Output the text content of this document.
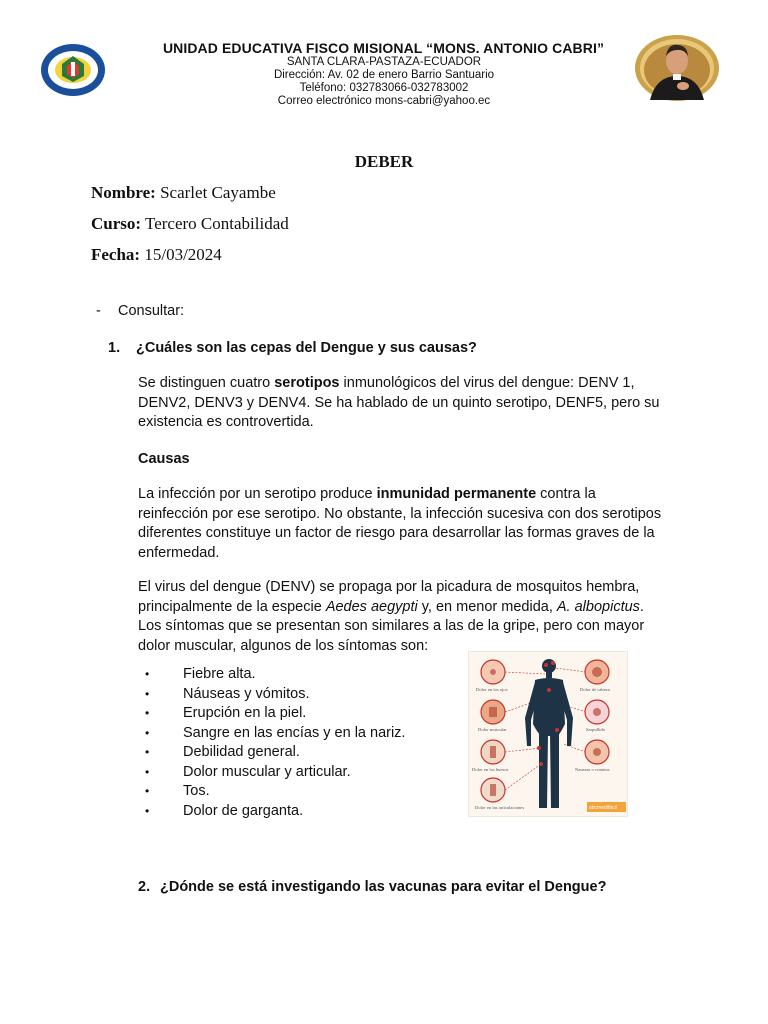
UNIDAD EDUCATIVA FISCO MISIONAL “MONS. ANTONIO CABRI”
SANTA CLARA-PASTAZA-ECUADOR
Dirección: Av. 02 de enero Barrio Santuario
Teléfono: 032783066-032783002
Correo electrónico mons-cabri@yahoo.ec
DEBER
Nombre: Scarlet Cayambe
Curso: Tercero Contabilidad
Fecha: 15/03/2024
- Consultar:
1. ¿Cuáles son las cepas del Dengue y sus causas?
Se distinguen cuatro serotipos inmunológicos del virus del dengue: DENV 1, DENV2, DENV3 y DENV4. Se ha hablado de un quinto serotipo, DENF5, pero su existencia es controvertida.
Causas
La infección por un serotipo produce inmunidad permanente contra la reinfección por ese serotipo. No obstante, la infección sucesiva con dos serotipos diferentes constituye un factor de riesgo para desarrollar las formas graves de la enfermedad.
El virus del dengue (DENV) se propaga por la picadura de mosquitos hembra, principalmente de la especie Aedes aegypti y, en menor medida, A. albopictus. Los síntomas que se presentan son similares a las de la gripe, pero con mayor dolor muscular, algunos de los síntomas son:
• Fiebre alta.
• Náuseas y vómitos.
• Erupción en la piel.
• Sangre en las encías y en la nariz.
• Debilidad general.
• Dolor muscular y articular.
• Tos.
• Dolor de garganta.
Dolor en los ojos	Dolor de cabeza
Dolor muscular	Sarpullido
Dolor en los huesos	Nauseas o vomitos
Dolor en las articulaciones	abcmedifácil
2. ¿Dónde se está investigando las vacunas para evitar el Dengue?
